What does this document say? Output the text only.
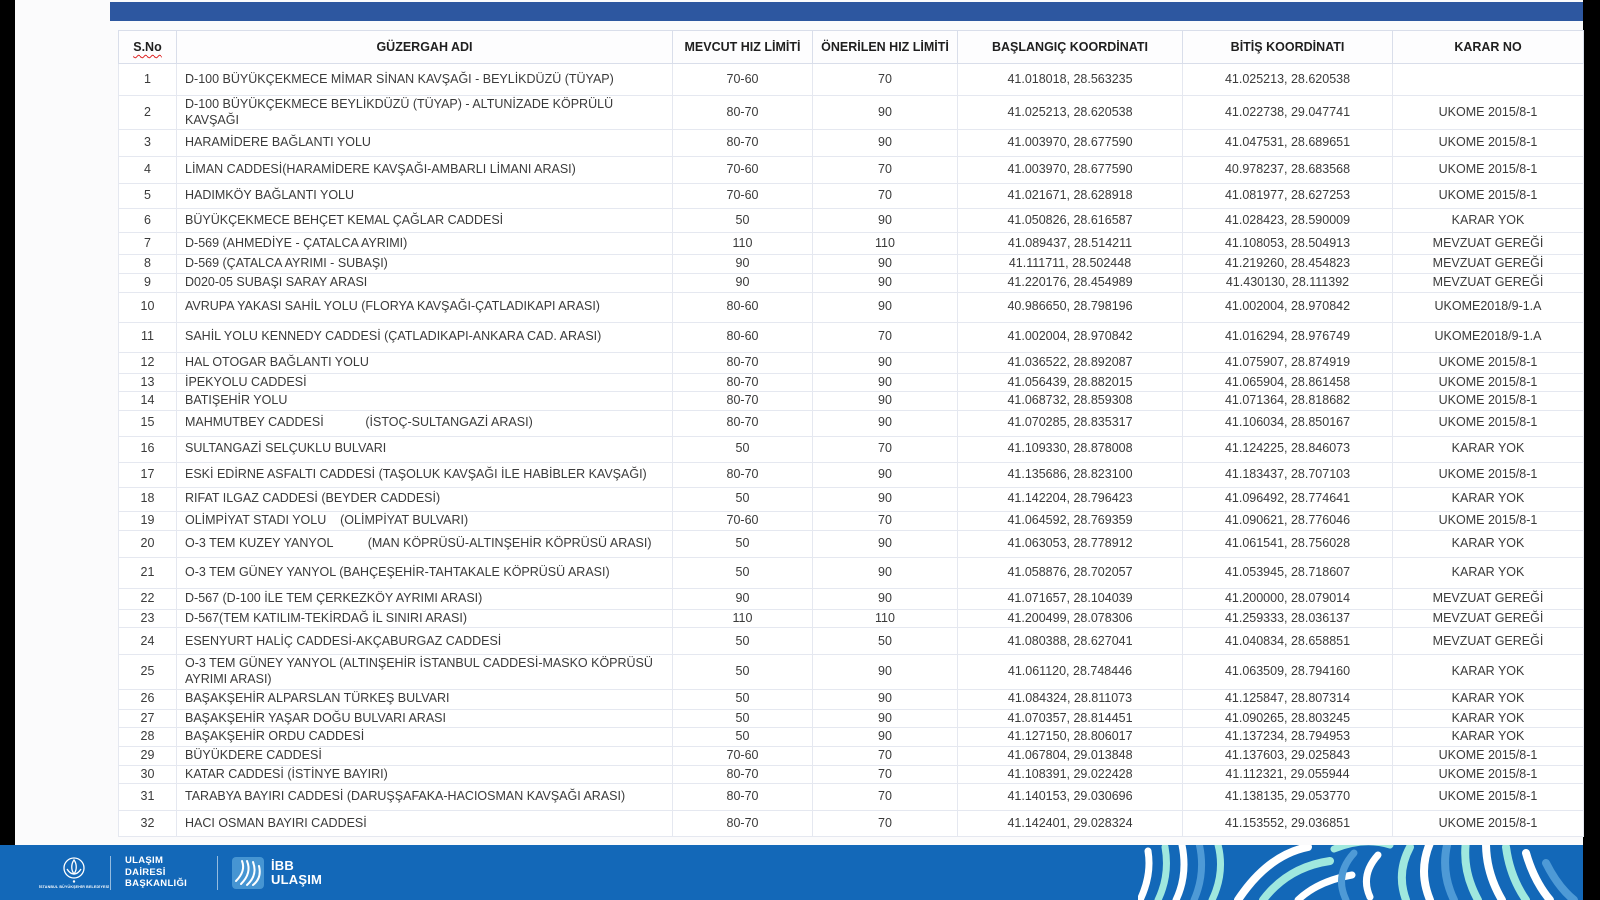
S.No	GÜZERGAH ADI	MEVCUT HIZ LİMİTİ	ÖNERİLEN HIZ LİMİTİ	BAŞLANGIÇ KOORDİNATI	BİTİŞ KOORDİNATI	KARAR NO
1	D-100 BÜYÜKÇEKMECE MİMAR SİNAN KAVŞAĞI - BEYLİKDÜZÜ (TÜYAP)	70-60	70	41.018018, 28.563235	41.025213, 28.620538	
2	D-100 BÜYÜKÇEKMECE BEYLİKDÜZÜ (TÜYAP) - ALTUNİZADE KÖPRÜLÜ KAVŞAĞI	80-70	90	41.025213, 28.620538	41.022738, 29.047741	UKOME 2015/8-1
3	HARAMİDERE BAĞLANTI YOLU	80-70	90	41.003970, 28.677590	41.047531, 28.689651	UKOME 2015/8-1
4	LİMAN CADDESİ(HARAMİDERE KAVŞAĞI-AMBARLI LİMANI ARASI)	70-60	70	41.003970, 28.677590	40.978237, 28.683568	UKOME 2015/8-1
5	HADIMKÖY BAĞLANTI YOLU	70-60	70	41.021671, 28.628918	41.081977, 28.627253	UKOME 2015/8-1
6	BÜYÜKÇEKMECE BEHÇET KEMAL ÇAĞLAR CADDESİ	50	90	41.050826, 28.616587	41.028423, 28.590009	KARAR YOK
7	D-569 (AHMEDİYE - ÇATALCA AYRIMI)	110	110	41.089437, 28.514211	41.108053, 28.504913	MEVZUAT GEREĞİ
8	D-569 (ÇATALCA AYRIMI - SUBAŞI)	90	90	41.111711, 28.502448	41.219260, 28.454823	MEVZUAT GEREĞİ
9	D020-05 SUBAŞI SARAY ARASI	90	90	41.220176, 28.454989	41.430130, 28.111392	MEVZUAT GEREĞİ
10	AVRUPA YAKASI SAHİL YOLU (FLORYA KAVŞAĞI-ÇATLADIKAPI ARASI)	80-60	90	40.986650, 28.798196	41.002004, 28.970842	UKOME2018/9-1.A
11	SAHİL YOLU KENNEDY CADDESİ (ÇATLADIKAPI-ANKARA CAD. ARASI)	80-60	70	41.002004, 28.970842	41.016294, 28.976749	UKOME2018/9-1.A
12	HAL OTOGAR BAĞLANTI YOLU	80-70	90	41.036522, 28.892087	41.075907, 28.874919	UKOME 2015/8-1
13	İPEKYOLU CADDESİ	80-70	90	41.056439, 28.882015	41.065904, 28.861458	UKOME 2015/8-1
14	BATIŞEHİR YOLU	80-70	90	41.068732, 28.859308	41.071364, 28.818682	UKOME 2015/8-1
15	MAHMUTBEY CADDESİ            (İSTOÇ-SULTANGAZİ ARASI)	80-70	90	41.070285, 28.835317	41.106034, 28.850167	UKOME 2015/8-1
16	SULTANGAZİ SELÇUKLU BULVARI	50	70	41.109330, 28.878008	41.124225, 28.846073	KARAR YOK
17	ESKİ EDİRNE ASFALTI CADDESİ (TAŞOLUK KAVŞAĞI İLE HABİBLER KAVŞAĞI)	80-70	90	41.135686, 28.823100	41.183437, 28.707103	UKOME 2015/8-1
18	RIFAT ILGAZ CADDESİ (BEYDER CADDESİ)	50	90	41.142204, 28.796423	41.096492, 28.774641	KARAR YOK
19	OLİMPİYAT STADI YOLU    (OLİMPİYAT BULVARI)	70-60	70	41.064592, 28.769359	41.090621, 28.776046	UKOME 2015/8-1
20	O-3 TEM KUZEY YANYOL          (MAN KÖPRÜSÜ-ALTINŞEHİR KÖPRÜSÜ ARASI)	50	90	41.063053, 28.778912	41.061541, 28.756028	KARAR YOK
21	O-3 TEM GÜNEY YANYOL (BAHÇEŞEHİR-TAHTAKALE KÖPRÜSÜ ARASI)	50	90	41.058876, 28.702057	41.053945, 28.718607	KARAR YOK
22	D-567 (D-100 İLE TEM ÇERKEZKÖY AYRIMI ARASI)	90	90	41.071657, 28.104039	41.200000, 28.079014	MEVZUAT GEREĞİ
23	D-567(TEM KATILIM-TEKİRDAĞ İL SINIRI ARASI)	110	110	41.200499, 28.078306	41.259333, 28.036137	MEVZUAT GEREĞİ
24	ESENYURT HALİÇ CADDESİ-AKÇABURGAZ CADDESİ	50	50	41.080388, 28.627041	41.040834, 28.658851	MEVZUAT GEREĞİ
25	O-3 TEM GÜNEY YANYOL (ALTINŞEHİR İSTANBUL CADDESİ-MASKO KÖPRÜSÜ AYRIMI ARASI)	50	90	41.061120, 28.748446	41.063509, 28.794160	KARAR YOK
26	BAŞAKŞEHİR ALPARSLAN TÜRKEŞ BULVARI	50	90	41.084324, 28.811073	41.125847, 28.807314	KARAR YOK
27	BAŞAKŞEHİR YAŞAR DOĞU BULVARI ARASI	50	90	41.070357, 28.814451	41.090265, 28.803245	KARAR YOK
28	BAŞAKŞEHİR ORDU CADDESİ	50	90	41.127150, 28.806017	41.137234, 28.794953	KARAR YOK
29	BÜYÜKDERE CADDESİ	70-60	70	41.067804, 29.013848	41.137603, 29.025843	UKOME 2015/8-1
30	KATAR CADDESİ (İSTİNYE BAYIRI)	80-70	70	41.108391, 29.022428	41.112321, 29.055944	UKOME 2015/8-1
31	TARABYA BAYIRI CADDESİ (DARUŞŞAFAKA-HACIOSMAN KAVŞAĞI ARASI)	80-70	70	41.140153, 29.030696	41.138135, 29.053770	UKOME 2015/8-1
32	HACI OSMAN BAYIRI CADDESİ	80-70	70	41.142401, 29.028324	41.153552, 29.036851	UKOME 2015/8-1
İSTANBUL BÜYÜKŞEHİR BELEDİYESİ
ULAŞIM DAİRESİ BAŞKANLIĞI
İBB ULAŞIM
